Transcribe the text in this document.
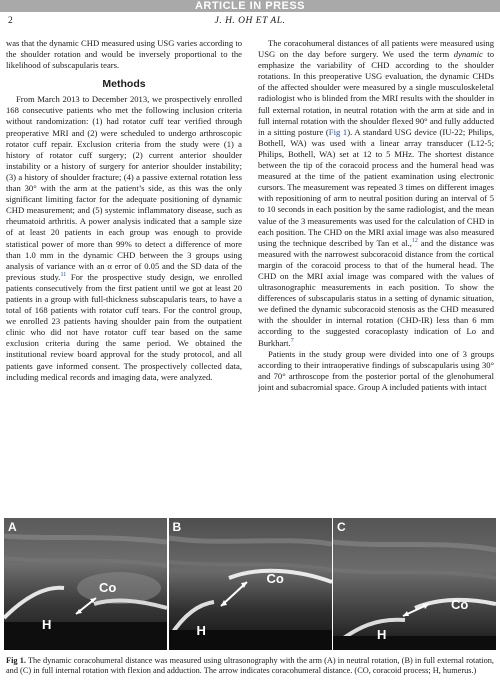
ARTICLE IN PRESS
2	J. H. OH ET AL.

was that the dynamic CHD measured using USG varies according to the shoulder rotation and would be inversely proportional to the likelihood of subscapularis tears.

Methods

From March 2013 to December 2013, we prospectively enrolled 168 consecutive patients who met the following inclusion criteria without randomization: (1) had rotator cuff tear verified through preoperative MRI and (2) were scheduled to undergo arthroscopic rotator cuff repair. Exclusion criteria from the study were (1) a history of rotator cuff surgery; (2) current anterior shoulder instability or a history of surgery for anterior shoulder instability; (3) a history of shoulder fracture; (4) a passive external rotation less than 30° with the arm at the patient’s side, as this was the only significant limiting factor for the adequate positioning of dynamic CHD measurement; and (5) systemic inflammatory disease, such as rheumatoid arthritis. A power analysis indicated that a sample size of at least 20 patients in each group was enough to provide statistical power of more than 99% to detect a difference of more than 1.0 mm in the dynamic CHD between the 3 groups using analysis of variance with an α error of 0.05 and the SD data of the previous study.$^{11}$ For the prospective study design, we enrolled patients consecutively from the first patient until we got at least 20 patients in a group with full-thickness subscapularis tears, to have a total of 168 patients with rotator cuff tears. For the control group, we enrolled 23 patients having shoulder pain from the outpatient clinic who did not have rotator cuff tear based on the same exclusion criteria during the same period. We obtained the institutional review board approval for the study protocol, and all patients gave informed consent. The prospectively collected data, including medical records and imaging data, were analyzed.

The coracohumeral distances of all patients were measured using USG on the day before surgery. We used the term dynamic to emphasize the variability of CHD according to the shoulder rotations. In this preoperative USG evaluation, the dynamic CHDs of the affected shoulder were measured by a single musculoskeletal radiologist who is blinded from the MRI results with the shoulder in full external rotation, in neutral rotation with the arm at side and in full internal rotation with the shoulder flexed 90° and fully adducted in a sitting posture (Fig 1). A standard USG device (IU-22; Philips, Bothell, WA) was used with a linear array transducer (L12-5; Philips, Bothell, WA) set at 12 to 5 MHz. The shortest distance between the tip of the coracoid process and the humeral head was measured at the time of the patient examination using electronic cursors. The measurement was repeated 3 times on different images with repositioning of arm to neutral position during an interval of 5 to 10 seconds in each position by the same radiologist, and the mean value of the 3 measurements was used for the calculation of CHD in each position. The CHD on the MRI axial image was also measured using the technique described by Tan et al.,$^{12}$ and the distance was measured with the narrowest subcoracoid distance from the cortical margin of the coracoid process to that of the humeral head. The CHD on the MRI axial image was compared with the values of ultrasonographic measurements in each position. To show the differences of subscapularis status in a setting of dynamic situation, we defined the dynamic subcoracoid stenosis as the CHD measured with the shoulder in internal rotation (CHD-IR) less than 6 mm according to the suggested coracoplasty indication of Lo and Burkhart.$^7$

Patients in the study group were divided into one of 3 groups according to their intraoperative findings of subscapularis using 30° and 70° arthroscope from the posterior portal of the glenohumeral joint and subacromial space. Group A included patients with intact

A
Co
H
B
Co
H
C
Co
H
Fig 1. The dynamic coracohumeral distance was measured using ultrasonography with the arm (A) in neutral rotation, (B) in full external rotation, and (C) in full internal rotation with flexion and adduction. The arrow indicates coracohumeral distance. (CO, coracoid process; H, humerus.)
